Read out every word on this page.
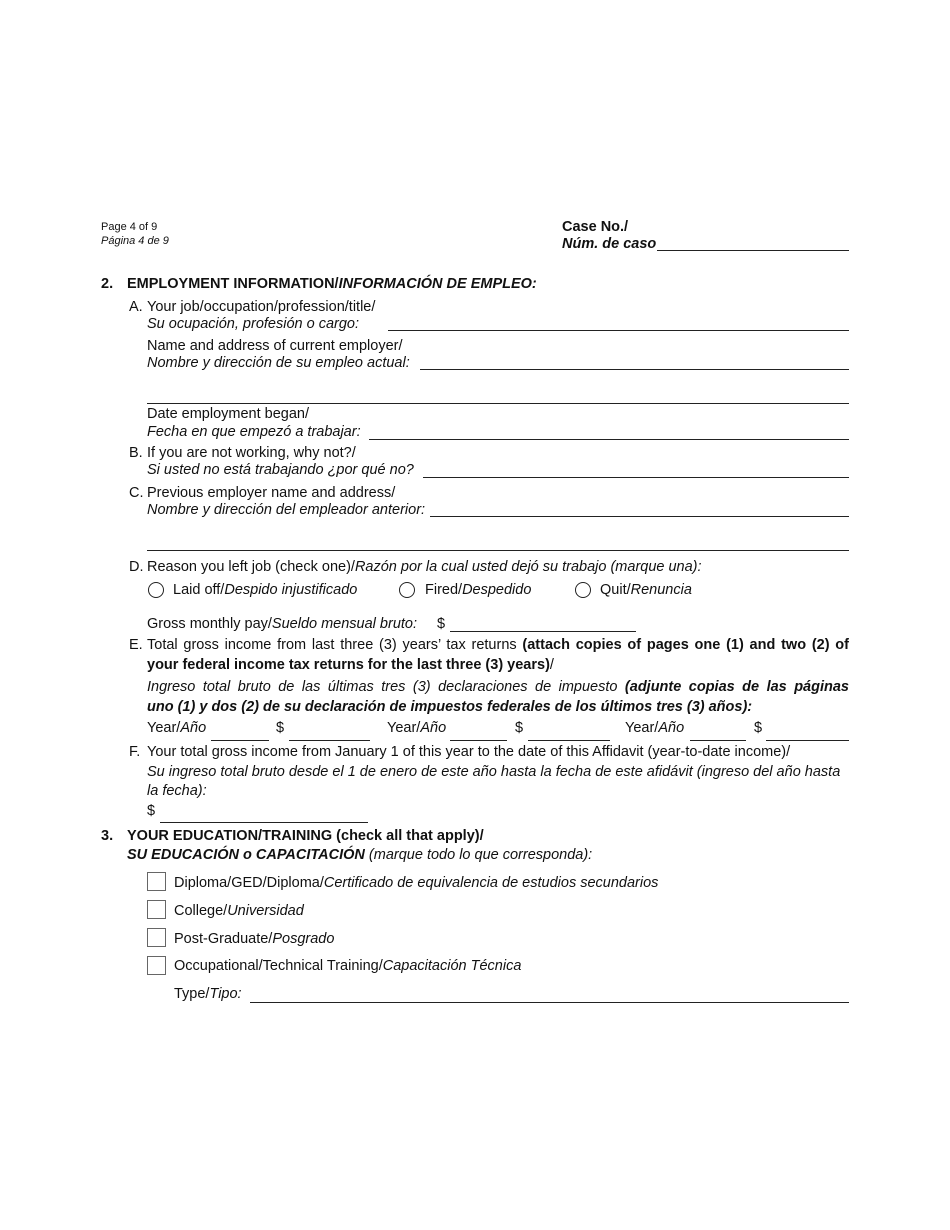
Page 4 of 9
Página 4 de 9
Case No./
Núm. de caso
2. EMPLOYMENT INFORMATION/INFORMACIÓN DE EMPLEO:
A. Your job/occupation/profession/title/
Su ocupación, profesión o cargo:
Name and address of current employer/
Nombre y dirección de su empleo actual:
Date employment began/
Fecha en que empezó a trabajar:
B. If you are not working, why not?/
Si usted no está trabajando ¿por qué no?
C. Previous employer name and address/
Nombre y dirección del empleador anterior:
D. Reason you left job (check one)/Razón por la cual usted dejó su trabajo (marque una):
Laid off/Despido injustificado	Fired/Despedido	Quit/Renuncia
Gross monthly pay/Sueldo mensual bruto: $
E. Total gross income from last three (3) years’ tax returns (attach copies of pages one (1) and two (2) of
your federal income tax returns for the last three (3) years)/
Ingreso total bruto de las últimas tres (3) declaraciones de impuesto (adjunte copias de las páginas
uno (1) y dos (2) de su declaración de impuestos federales de los últimos tres (3) años):
Year/Año	$	Year/Año	$	Year/Año	$
F. Your total gross income from January 1 of this year to the date of this Affidavit (year-to-date income)/
Su ingreso total bruto desde el 1 de enero de este año hasta la fecha de este afidávit (ingreso del año hasta
la fecha):
$
3. YOUR EDUCATION/TRAINING (check all that apply)/
SU EDUCACIÓN o CAPACITACIÓN (marque todo lo que corresponda):
Diploma/GED/Diploma/Certificado de equivalencia de estudios secundarios
College/Universidad
Post-Graduate/Posgrado
Occupational/Technical Training/Capacitación Técnica
Type/Tipo:
